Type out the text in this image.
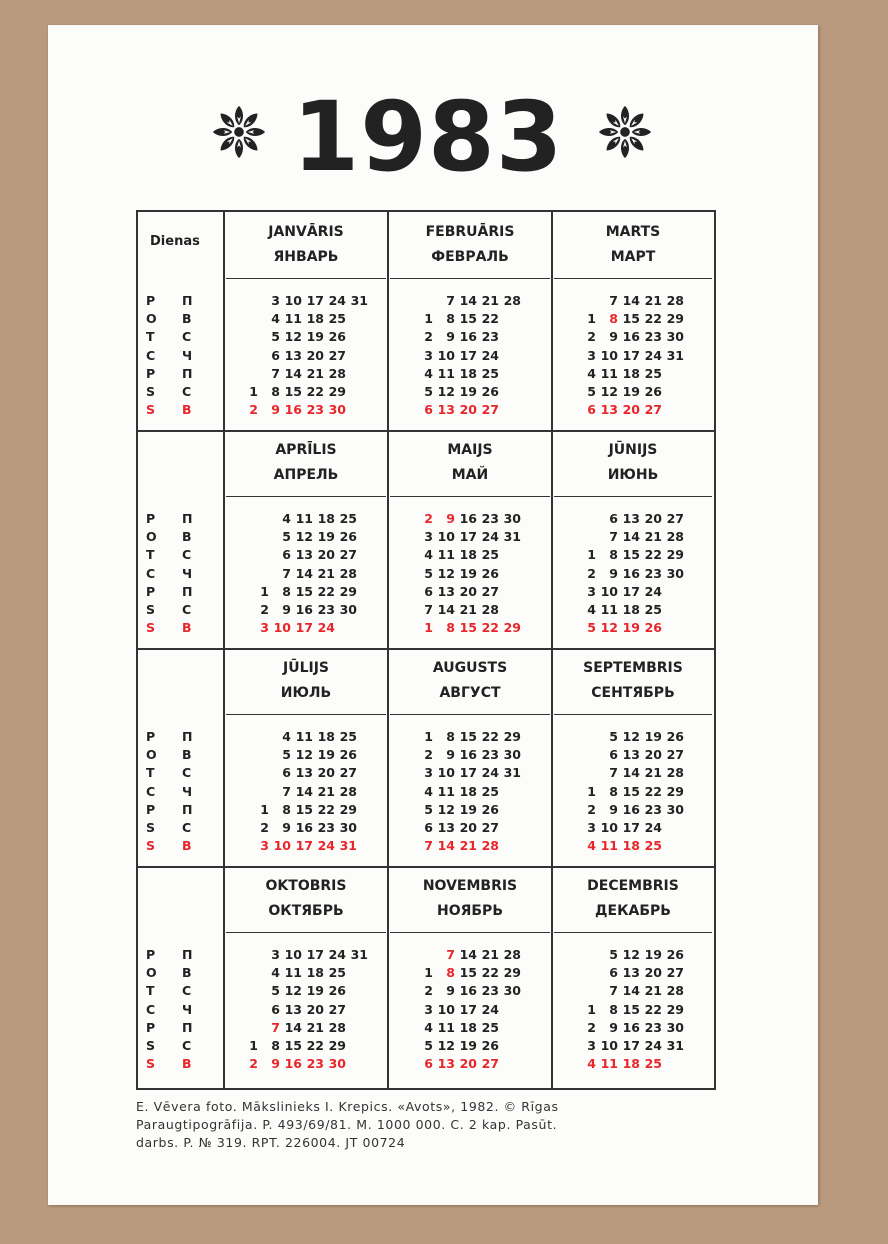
1983
Dienas
P П
O В
T С
C Ч
P П
S С
S В
JANVĀRIS
ЯНВАРЬ
3 10 17 24 31
4 11 18 25
5 12 19 26
6 13 20 27
7 14 21 28
1 8 15 22 29
2 9 16 23 30
FEBRUĀRIS
ФЕВРАЛЬ
7 14 21 28
1 8 15 22
2 9 16 23
3 10 17 24
4 11 18 25
5 12 19 26
6 13 20 27
MARTS
МАРТ
7 14 21 28
1 8 15 22 29
2 9 16 23 30
3 10 17 24 31
4 11 18 25
5 12 19 26
6 13 20 27
P П
O В
T С
C Ч
P П
S С
S В
APRĪLIS
АПРЕЛЬ
4 11 18 25
5 12 19 26
6 13 20 27
7 14 21 28
1 8 15 22 29
2 9 16 23 30
3 10 17 24
MAIJS
МАЙ
2 9 16 23 30
3 10 17 24 31
4 11 18 25
5 12 19 26
6 13 20 27
7 14 21 28
1 8 15 22 29
JŪNIJS
ИЮНЬ
6 13 20 27
7 14 21 28
1 8 15 22 29
2 9 16 23 30
3 10 17 24
4 11 18 25
5 12 19 26
P П
O В
T С
C Ч
P П
S С
S В
JŪLIJS
ИЮЛЬ
4 11 18 25
5 12 19 26
6 13 20 27
7 14 21 28
1 8 15 22 29
2 9 16 23 30
3 10 17 24 31
AUGUSTS
АВГУСТ
1 8 15 22 29
2 9 16 23 30
3 10 17 24 31
4 11 18 25
5 12 19 26
6 13 20 27
7 14 21 28
SEPTEMBRIS
СЕНТЯБРЬ
5 12 19 26
6 13 20 27
7 14 21 28
1 8 15 22 29
2 9 16 23 30
3 10 17 24
4 11 18 25
P П
O В
T С
C Ч
P П
S С
S В
OKTOBRIS
ОКТЯБРЬ
3 10 17 24 31
4 11 18 25
5 12 19 26
6 13 20 27
7 14 21 28
1 8 15 22 29
2 9 16 23 30
NOVEMBRIS
НОЯБРЬ
7 14 21 28
1 8 15 22 29
2 9 16 23 30
3 10 17 24
4 11 18 25
5 12 19 26
6 13 20 27
DECEMBRIS
ДЕКАБРЬ
5 12 19 26
6 13 20 27
7 14 21 28
1 8 15 22 29
2 9 16 23 30
3 10 17 24 31
4 11 18 25
E. Vēvera foto. Mākslinieks I. Krepics. «Avots», 1982. © Rīgas
Paraugtipogrāfija. P. 493/69/81. M. 1000 000. C. 2 kap. Pasūt.
darbs. P. № 319. RPT. 226004. JT 00724
